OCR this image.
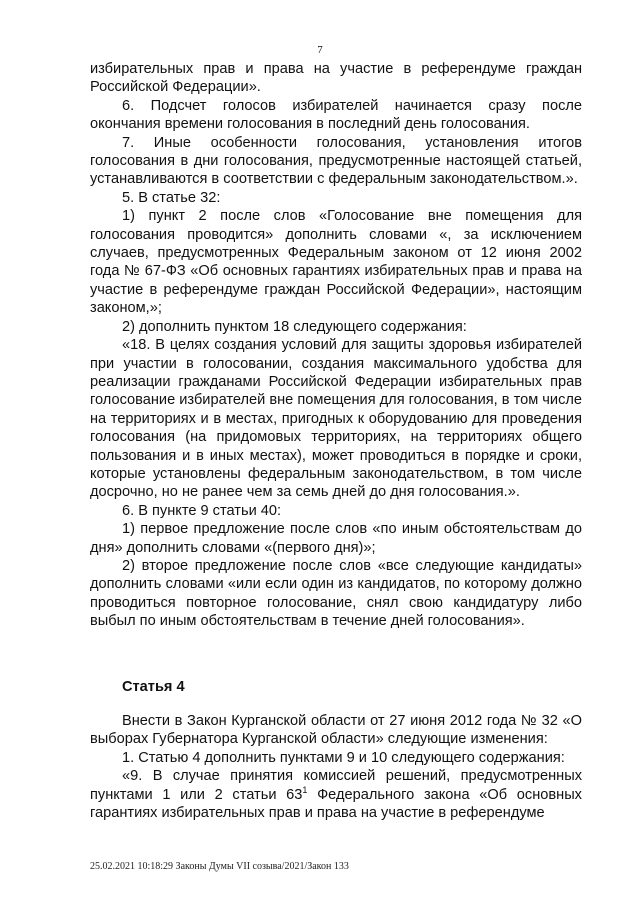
7

избирательных прав и права на участие в референдуме граждан Российской Федерации».

6. Подсчет голосов избирателей начинается сразу после окончания времени голосования в последний день голосования.

7. Иные особенности голосования, установления итогов голосования в дни голосования, предусмотренные настоящей статьей, устанавливаются в соответствии с федеральным законодательством.».

5. В статье 32:

1) пункт 2 после слов «Голосование вне помещения для голосования проводится» дополнить словами «, за исключением случаев, предусмотренных Федеральным законом от 12 июня 2002 года № 67-ФЗ «Об основных гарантиях избирательных прав и права на участие в референдуме граждан Российской Федерации», настоящим законом,»;

2) дополнить пунктом 18 следующего содержания:

«18. В целях создания условий для защиты здоровья избирателей при участии в голосовании, создания максимального удобства для реализации гражданами Российской Федерации избирательных прав голосование избирателей вне помещения для голосования, в том числе на территориях и в местах, пригодных к оборудованию для проведения голосования (на придомовых территориях, на территориях общего пользования и в иных местах), может проводиться в порядке и сроки, которые установлены федеральным законодательством, в том числе досрочно, но не ранее чем за семь дней до дня голосования.».

6. В пункте 9 статьи 40:

1) первое предложение после слов «по иным обстоятельствам до дня» дополнить словами «(первого дня)»;

2) второе предложение после слов «все следующие кандидаты» дополнить словами «или если один из кандидатов, по которому должно проводиться повторное голосование, снял свою кандидатуру либо выбыл по иным обстоятельствам в течение дней голосования».

Статья 4

Внести в Закон Курганской области от 27 июня 2012 года № 32 «О выборах Губернатора Курганской области» следующие изменения:

1. Статью 4 дополнить пунктами 9 и 10 следующего содержания:

«9. В случае принятия комиссией решений, предусмотренных пунктами 1 или 2 статьи $63^1$ Федерального закона «Об основных гарантиях избирательных прав и права на участие в референдуме

25.02.2021 10:18:29 Законы Думы VII созыва/2021/Закон 133
